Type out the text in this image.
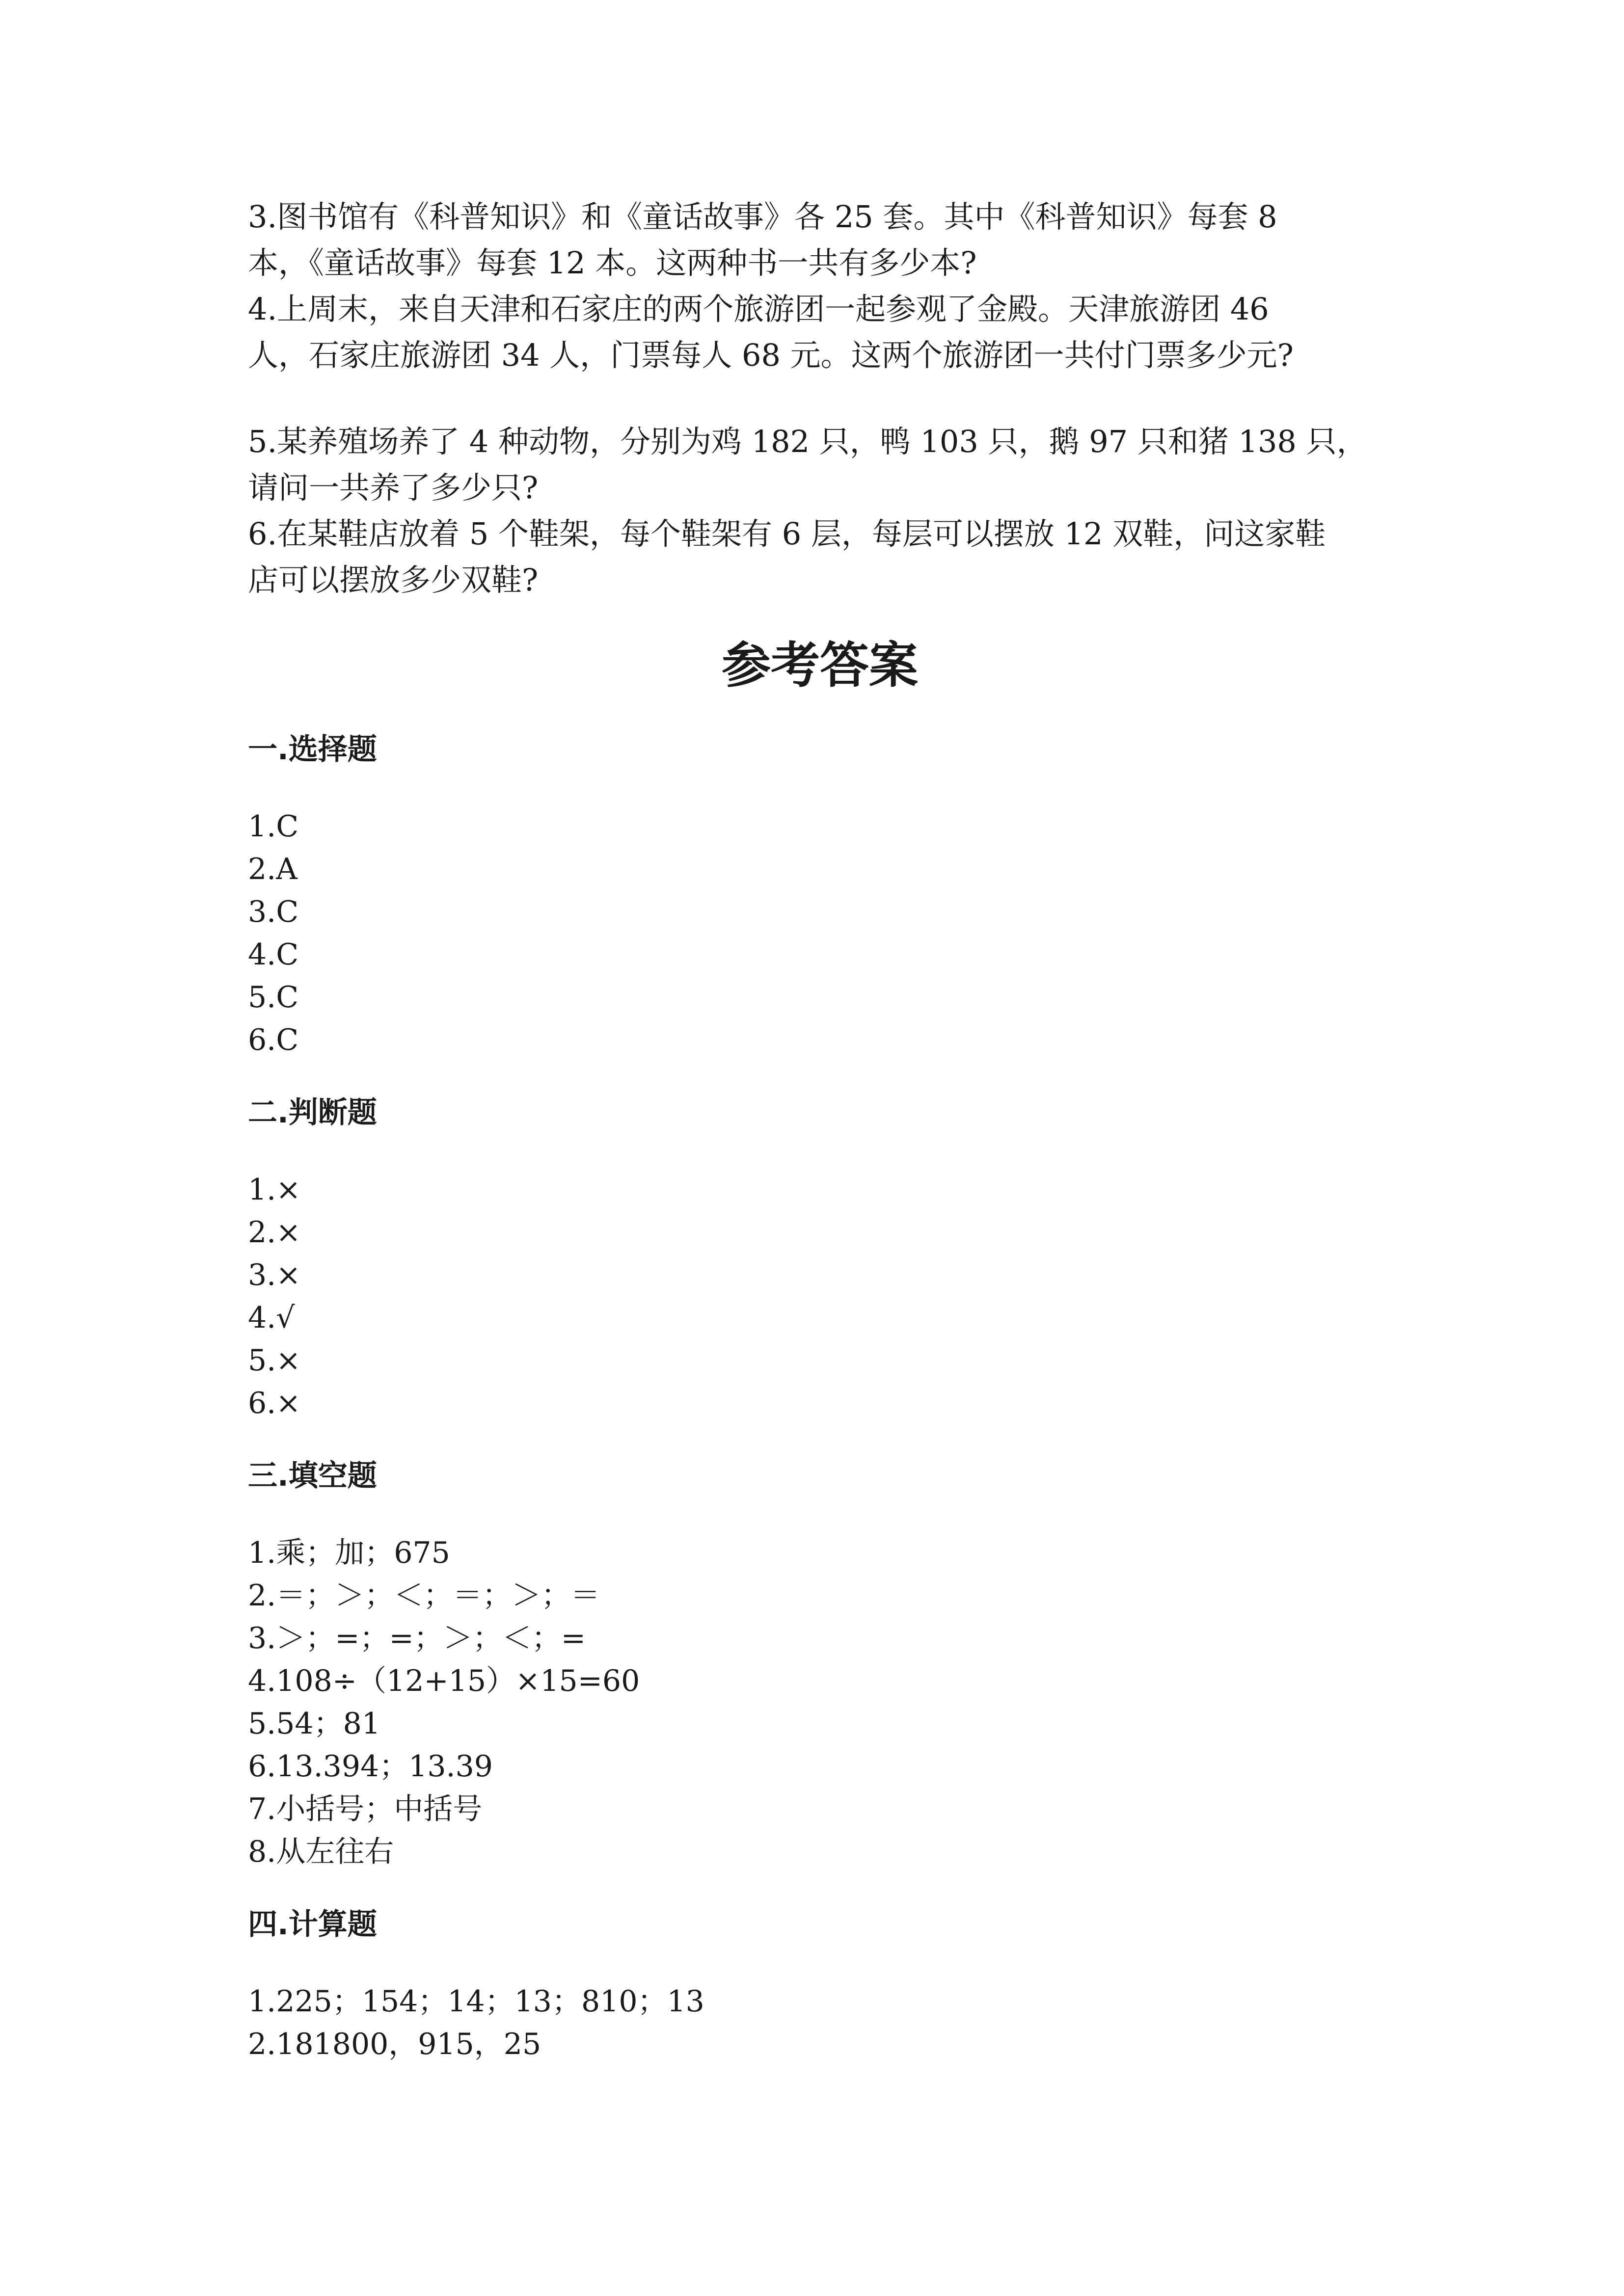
3.图书馆有《科普知识》和《童话故事》各 25 套。其中《科普知识》每套 8

本，《童话故事》每套 12 本。这两种书一共有多少本?

4.上周末，来自天津和石家庄的两个旅游团一起参观了金殿。天津旅游团 46

人，石家庄旅游团 34 人，门票每人 68 元。这两个旅游团一共付门票多少元?

5.某养殖场养了 4 种动物，分别为鸡 182 只，鸭 103 只，鹅 97 只和猪 138 只，

请问一共养了多少只?

6.在某鞋店放着 5 个鞋架，每个鞋架有 6 层，每层可以摆放 12 双鞋，问这家鞋

店可以摆放多少双鞋?

参考答案
一.选择题
1.C
2.A
3.C
4.C
5.C
6.C
二.判断题
1.×
2.×
3.×
4.√
5.×
6.×
三.填空题
1.乘；加；675
2.＝；＞；＜；＝；＞；＝
3.＞；=；=；＞；＜；=
4.108÷（12+15）×15=60
5.54；81
6.13.394；13.39
7.小括号；中括号
8.从左往右
四.计算题
1.225；154；14；13；810；13
2.181800，915，25
